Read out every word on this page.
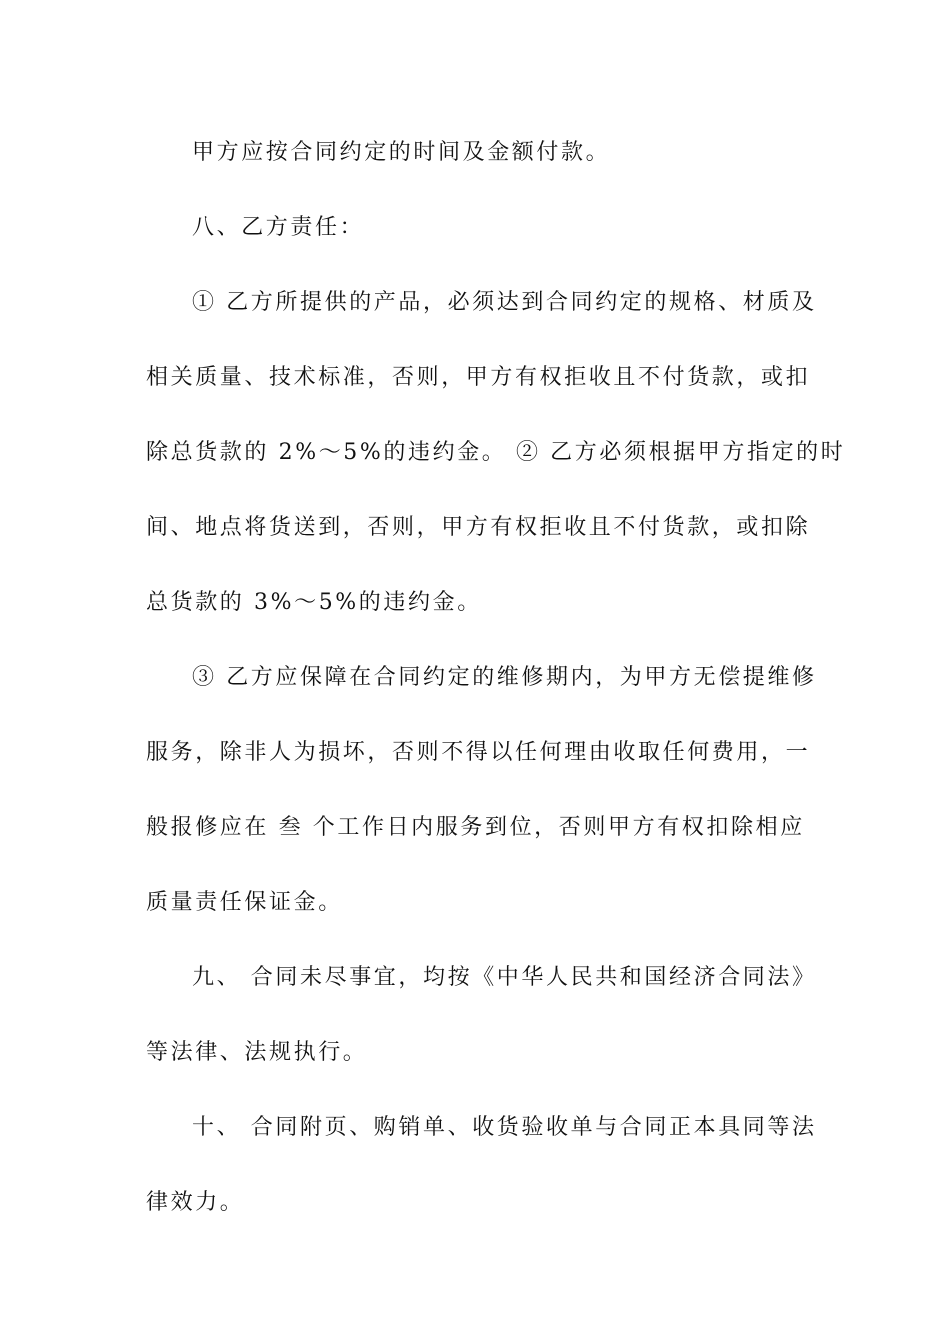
甲方应按合同约定的时间及金额付款。
八、乙方责任：
① 乙方所提供的产品，必须达到合同约定的规格、材质及
相关质量、技术标准，否则，甲方有权拒收且不付货款，或扣
除总货款的 2%～5%的违约金。 ② 乙方必须根据甲方指定的时
间、地点将货送到，否则，甲方有权拒收且不付货款，或扣除
总货款的 3%～5%的违约金。
③ 乙方应保障在合同约定的维修期内，为甲方无偿提维修
服务，除非人为损坏，否则不得以任何理由收取任何费用，一
般报修应在 叁 个工作日内服务到位，否则甲方有权扣除相应
质量责任保证金。
九、 合同未尽事宜，均按《中华人民共和国经济合同法》
等法律、法规执行。
十、 合同附页、购销单、收货验收单与合同正本具同等法
律效力。
